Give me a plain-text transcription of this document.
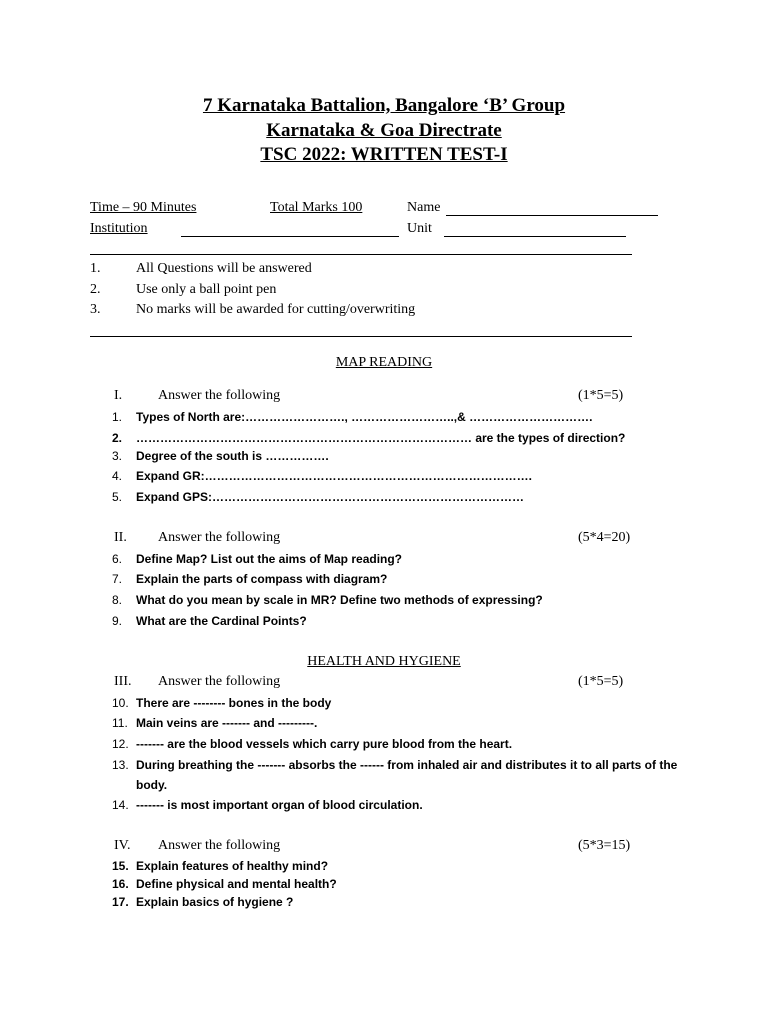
7 Karnataka Battalion, Bangalore ‘B’ Group
Karnataka & Goa Directrate
TSC 2022: WRITTEN TEST-I
Time – 90 Minutes	Total Marks 100	Name
Institution	Unit
1.	All Questions will be answered
2.	Use only a ball point pen
3.	No marks will be awarded for cutting/overwriting
MAP READING
I.	Answer the following	(1*5=5)
1. Types of North are:……………………., ……………………..,& ………………………….
2. ………………………………………………………………………… are the types of direction?
3. Degree of the south is …………….
4. Expand GR:……………………………………………………………………….
5. Expand GPS:……………………………………………………………………
II. Answer the following	(5*4=20)
6. Define Map? List out the aims of Map reading?
7. Explain the parts of compass with diagram?
8. What do you mean by scale in MR? Define two methods of expressing?
9. What are the Cardinal Points?
HEALTH AND HYGIENE
III. Answer the following	(1*5=5)
10. There are -------- bones in the body
11. Main veins are ------- and ---------.
12. ------- are the blood vessels which carry pure blood from the heart.
13. During breathing the ------- absorbs the ------ from inhaled air and distributes it to all parts of the
body.
14. ------- is most important organ of blood circulation.
IV. Answer the following	(5*3=15)
15. Explain features of healthy mind?
16. Define physical and mental health?
17. Explain basics of hygiene ?
